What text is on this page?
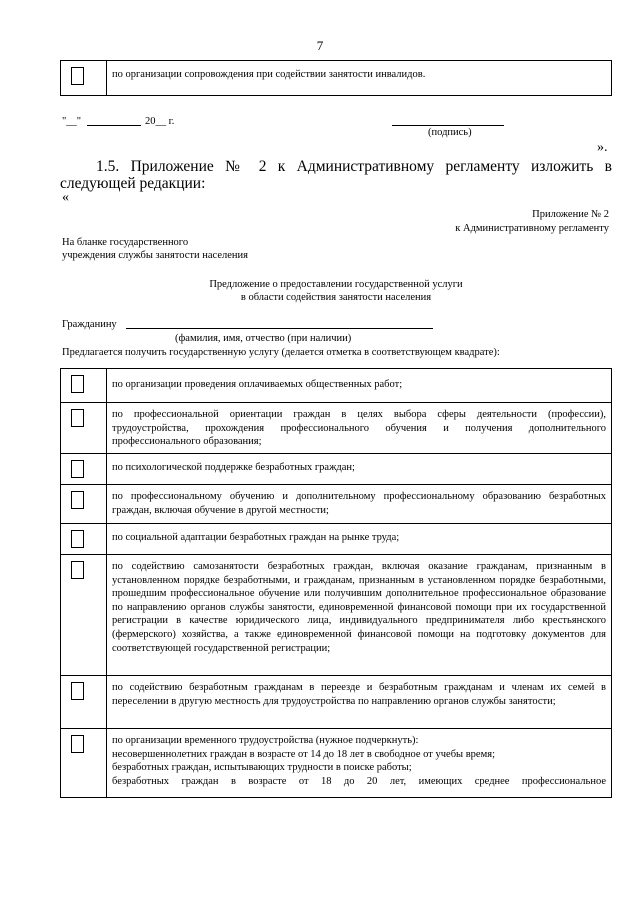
7
	по организации сопровождения при содействии занятости инвалидов.
"__"	20__ г.
(подпись)
».
1.5. Приложение № 2 к Административному регламенту изложить в следующей редакции:
«
Приложение № 2
к Административному регламенту
На бланке государственного
учреждения службы занятости населения
Предложение о предоставлении государственной услуги
в области содействия занятости населения
Гражданину
(фамилия, имя, отчество (при наличии)
Предлагается получить государственную услугу (делается отметка в соответствующем квадрате):
	по организации проведения оплачиваемых общественных работ;

	по профессиональной ориентации граждан в целях выбора сферы деятельности (профессии), трудоустройства, прохождения профессионального обучения и получения дополнительного профессионального образования;

	по психологической поддержке безработных граждан;

	по профессиональному обучению и дополнительному профессиональному образованию безработных граждан, включая обучение в другой местности;

	по социальной адаптации безработных граждан на рынке труда;

	по содействию самозанятости безработных граждан, включая оказание гражданам, признанным в установленном порядке безработными, и гражданам, признанным в установленном порядке безработными, прошедшим профессиональное обучение или получившим дополнительное профессиональное образование по направлению органов службы занятости, единовременной финансовой помощи при их государственной регистрации в качестве юридического лица, индивидуального предпринимателя либо крестьянского (фермерского) хозяйства, а также единовременной финансовой помощи на подготовку документов для соответствующей государственной регистрации;

	по содействию безработным гражданам в переезде и безработным гражданам и членам их семей в переселении в другую местность для трудоустройства по направлению органов службы занятости;

	по организации временного трудоустройства (нужное подчеркнуть):
несовершеннолетних граждан в возрасте от 14 до 18 лет в свободное от учебы время;
безработных граждан, испытывающих трудности в поиске работы;
безработных граждан в возрасте от 18 до 20 лет, имеющих среднее профессиональное
